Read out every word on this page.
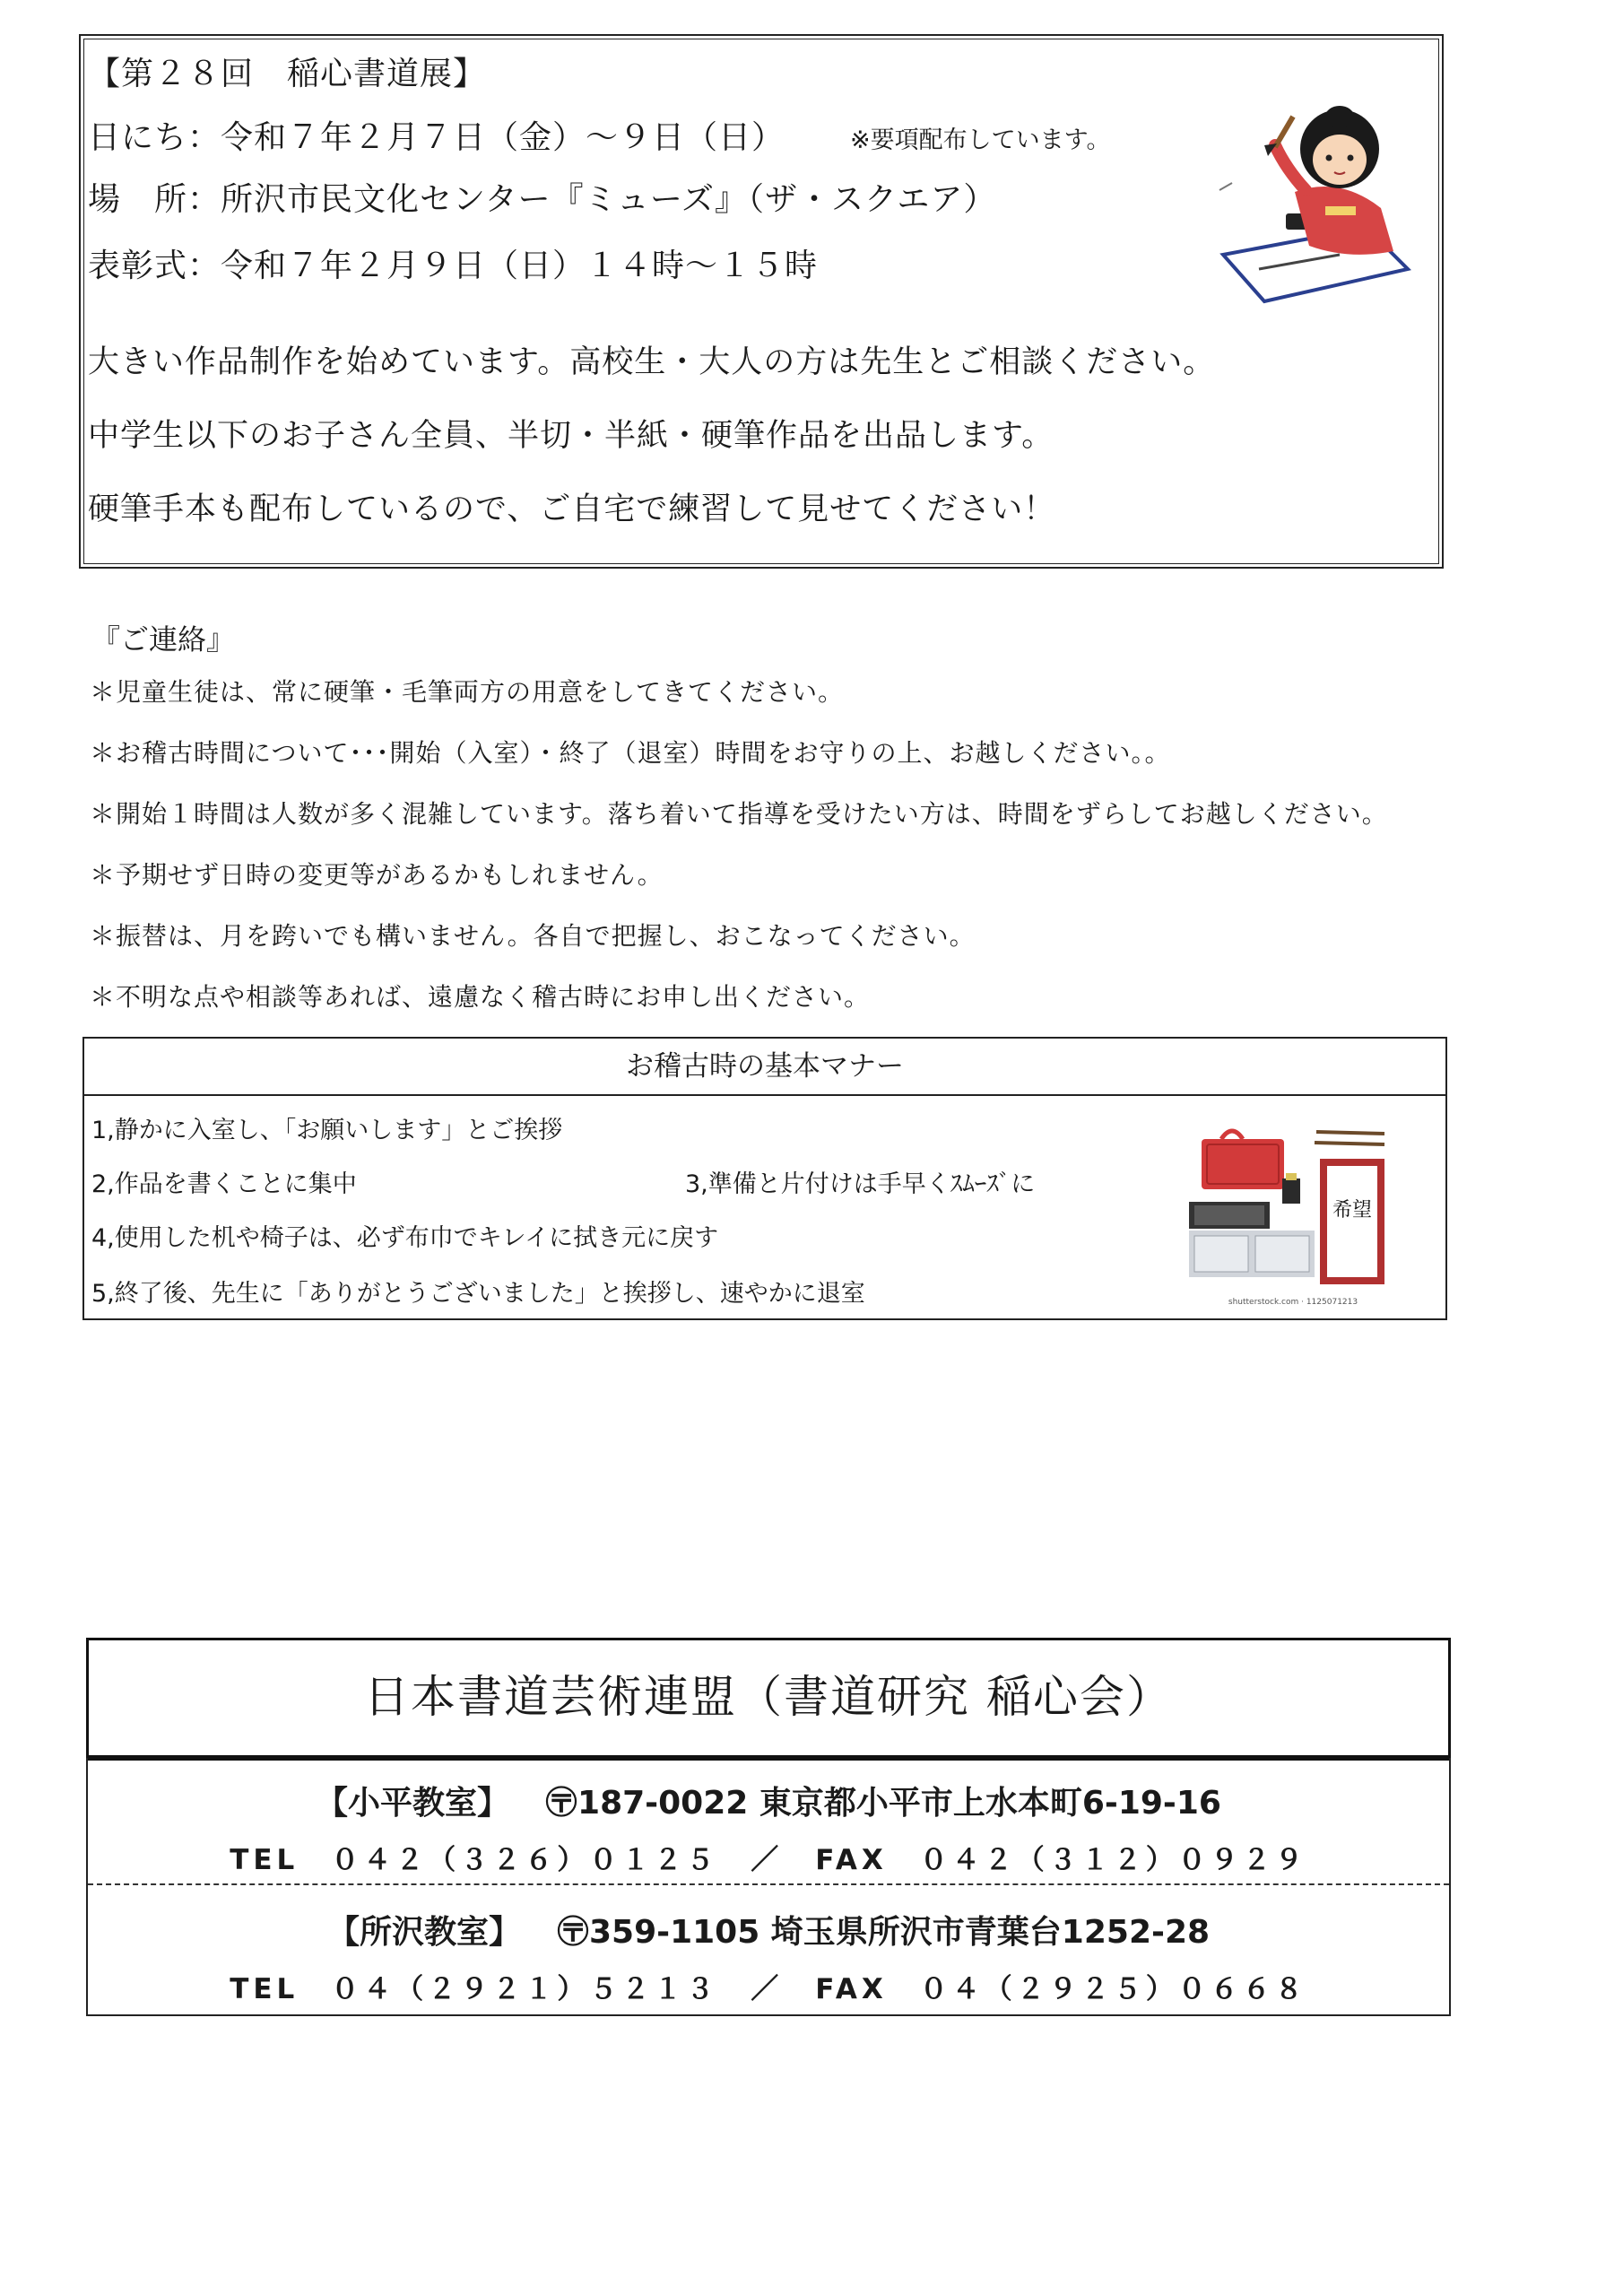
【第２８回　稲心書道展】
日にち：令和７年２月７日（金）～９日（日）	※要項配布しています。
場　所：所沢市民文化センター『ミューズ』（ザ・スクエア）
表彰式：令和７年２月９日（日）１４時～１５時
大きい作品制作を始めています。高校生・大人の方は先生とご相談ください。
中学生以下のお子さん全員、半切・半紙・硬筆作品を出品します。
硬筆手本も配布しているので、ご自宅で練習して見せてください！
『ご連絡』
＊児童生徒は、常に硬筆・毛筆両方の用意をしてきてください。
＊お稽古時間について･･･開始（入室）・終了（退室）時間をお守りの上、お越しください。。
＊開始１時間は人数が多く混雑しています。落ち着いて指導を受けたい方は、時間をずらしてお越しください。
＊予期せず日時の変更等があるかもしれません。
＊振替は、月を跨いでも構いません。各自で把握し、おこなってください。
＊不明な点や相談等あれば、遠慮なく稽古時にお申し出ください。
お稽古時の基本マナー
1,静かに入室し、「お願いします」とご挨拶
2,作品を書くことに集中	3,準備と片付けは手早くｽﾑｰｽﾞに
4,使用した机や椅子は、必ず布巾でキレイに拭き元に戻す
5,終了後、先生に「ありがとうございました」と挨拶し、速やかに退室
希望
shutterstock.com · 1125071213
日本書道芸術連盟（書道研究 稲心会）
【小平教室】 〶187-0022 東京都小平市上水本町6-19-16
TEL　０４２（３２６）０１２５　／　FAX　０４２（３１２）０９２９
【所沢教室】 〶359-1105 埼玉県所沢市青葉台1252-28
TEL　０４（２９２１）５２１３　／　FAX　０４（２９２５）０６６８
